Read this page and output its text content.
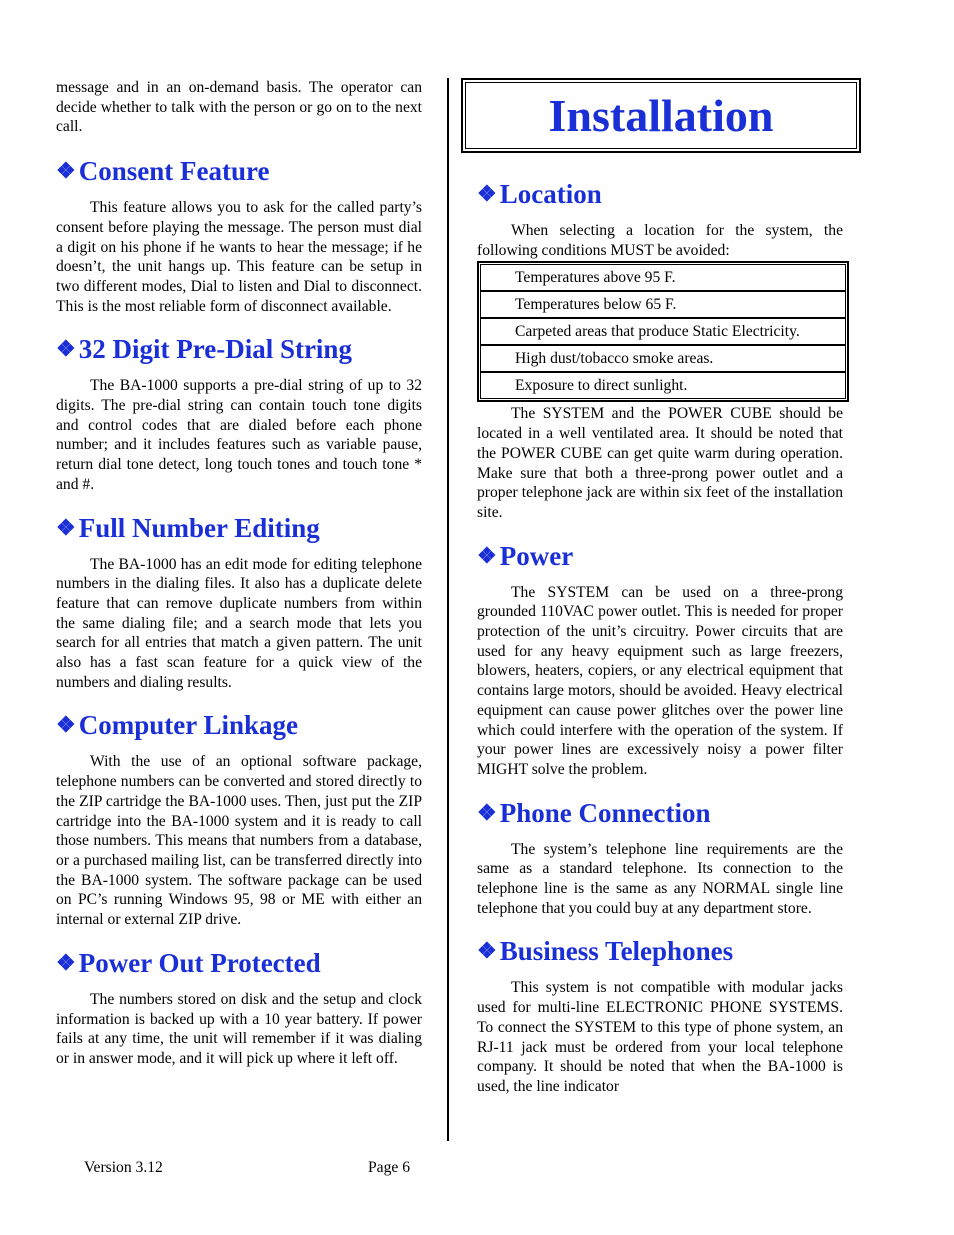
message and in an on-demand basis. The operator can decide whether to talk with the person or go on to the next call.

❖ Consent Feature

This feature allows you to ask for the called party’s consent before playing the message. The person must dial a digit on his phone if he wants to hear the message; if he doesn’t, the unit hangs up. This feature can be setup in two different modes, Dial to listen and Dial to disconnect. This is the most reliable form of disconnect available.

❖ 32 Digit Pre-Dial String

The BA-1000 supports a pre-dial string of up to 32 digits. The pre-dial string can contain touch tone digits and control codes that are dialed before each phone number; and it includes features such as variable pause, return dial tone detect, long touch tones and touch tone * and #.

❖ Full Number Editing

The BA-1000 has an edit mode for editing telephone numbers in the dialing files. It also has a duplicate delete feature that can remove duplicate numbers from within the same dialing file; and a search mode that lets you search for all entries that match a given pattern. The unit also has a fast scan feature for a quick view of the numbers and dialing results.

❖ Computer Linkage

With the use of an optional software package, telephone numbers can be converted and stored directly to the ZIP cartridge the BA-1000 uses. Then, just put the ZIP cartridge into the BA-1000 system and it is ready to call those numbers. This means that numbers from a database, or a purchased mailing list, can be transferred directly into the BA-1000 system. The software package can be used on PC’s running Windows 95, 98 or ME with either an internal or external ZIP drive.

❖ Power Out Protected

The numbers stored on disk and the setup and clock information is backed up with a 10 year battery. If power fails at any time, the unit will remember if it was dialing or in answer mode, and it will pick up where it left off.

Installation
❖ Location

When selecting a location for the system, the following conditions MUST be avoided:

Temperatures above 95 F.
Temperatures below 65 F.
Carpeted areas that produce Static Electricity.
High dust/tobacco smoke areas.
Exposure to direct sunlight.

The SYSTEM and the POWER CUBE should be located in a well ventilated area. It should be noted that the POWER CUBE can get quite warm during operation. Make sure that both a three-prong power outlet and a proper telephone jack are within six feet of the installation site.

❖ Power

The SYSTEM can be used on a three-prong grounded 110VAC power outlet. This is needed for proper protection of the unit’s circuitry. Power circuits that are used for any heavy equipment such as large freezers, blowers, heaters, copiers, or any electrical equipment that contains large motors, should be avoided. Heavy electrical equipment can cause power glitches over the power line which could interfere with the operation of the system. If your power lines are excessively noisy a power filter MIGHT solve the problem.

❖ Phone Connection

The system’s telephone line requirements are the same as a standard telephone. Its connection to the telephone line is the same as any NORMAL single line telephone that you could buy at any department store.

❖ Business Telephones

This system is not compatible with modular jacks used for multi-line ELECTRONIC PHONE SYSTEMS. To connect the SYSTEM to this type of phone system, an RJ-11 jack must be ordered from your local telephone company. It should be noted that when the BA-1000 is used, the line indicator

Version 3.12	Page 6
